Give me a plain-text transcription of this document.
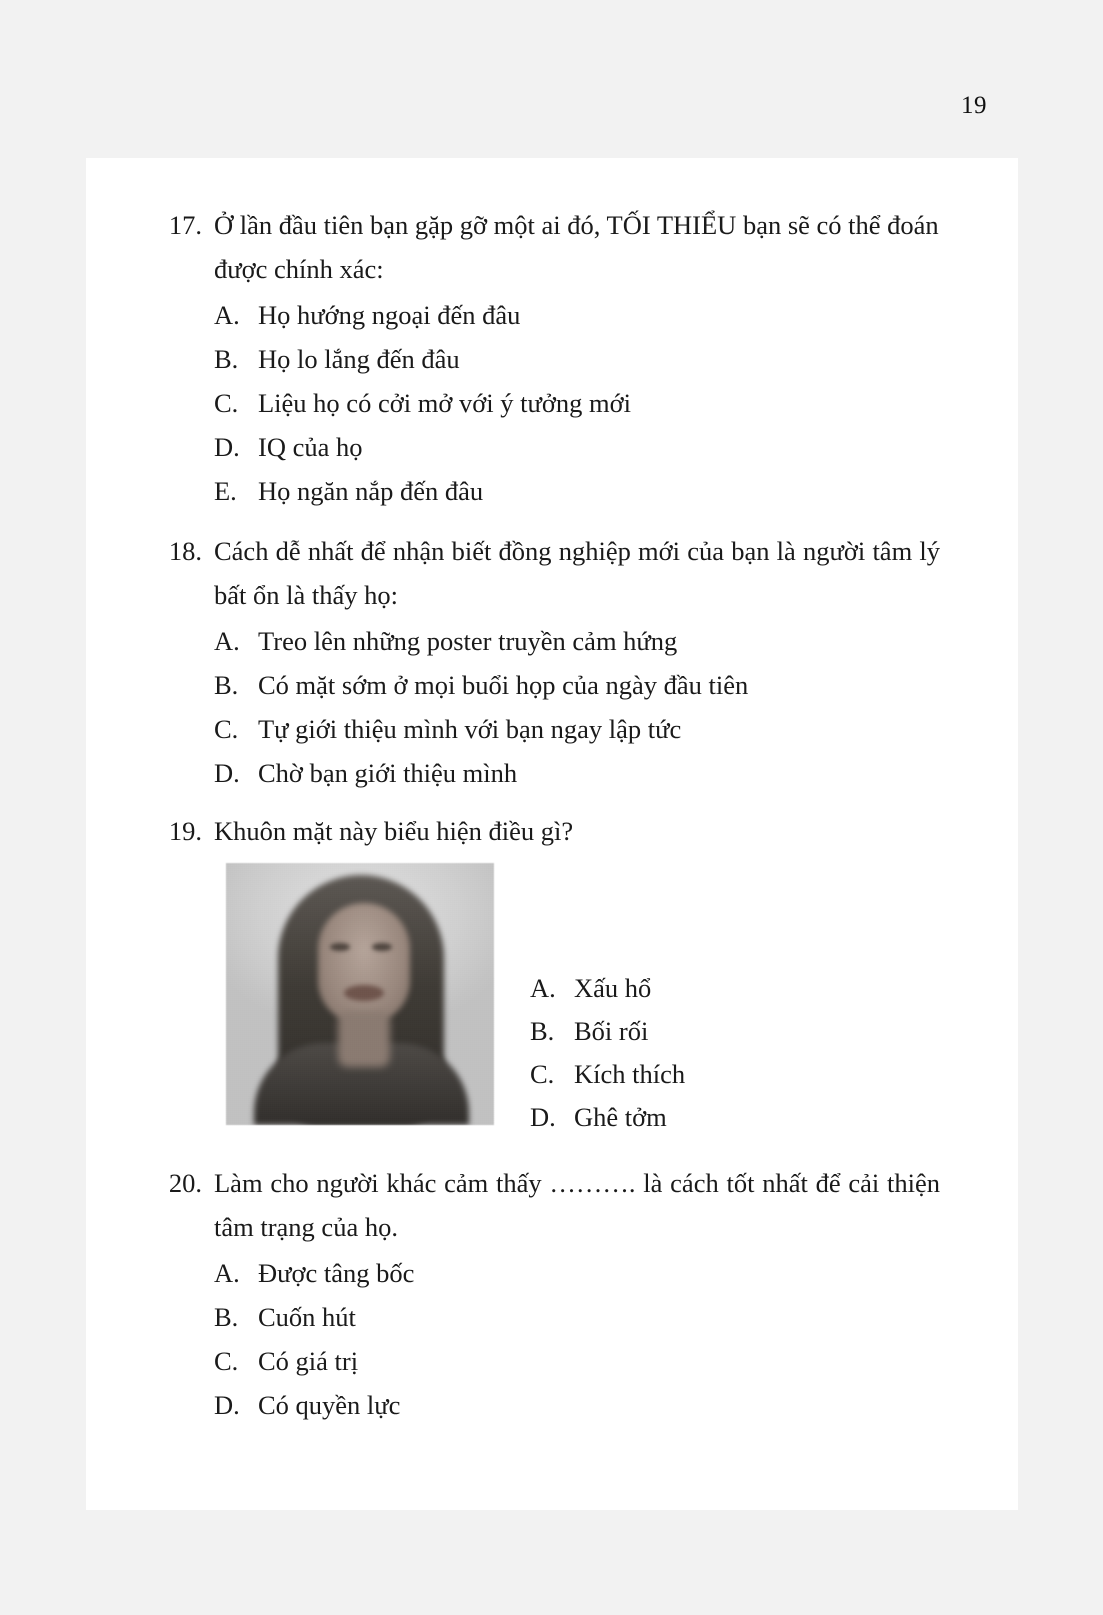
19
17. Ở lần đầu tiên bạn gặp gỡ một ai đó, TỐI THIỂU bạn sẽ có thể đoán được chính xác:
A. Họ hướng ngoại đến đâu
B. Họ lo lắng đến đâu
C. Liệu họ có cởi mở với ý tưởng mới
D. IQ của họ
E. Họ ngăn nắp đến đâu
18. Cách dễ nhất để nhận biết đồng nghiệp mới của bạn là người tâm lý bất ổn là thấy họ:
A. Treo lên những poster truyền cảm hứng
B. Có mặt sớm ở mọi buổi họp của ngày đầu tiên
C. Tự giới thiệu mình với bạn ngay lập tức
D. Chờ bạn giới thiệu mình
19. Khuôn mặt này biểu hiện điều gì?
A. Xấu hổ
B. Bối rối
C. Kích thích
D. Ghê tởm
20. Làm cho người khác cảm thấy ………. là cách tốt nhất để cải thiện tâm trạng của họ.
A. Được tâng bốc
B. Cuốn hút
C. Có giá trị
D. Có quyền lực
